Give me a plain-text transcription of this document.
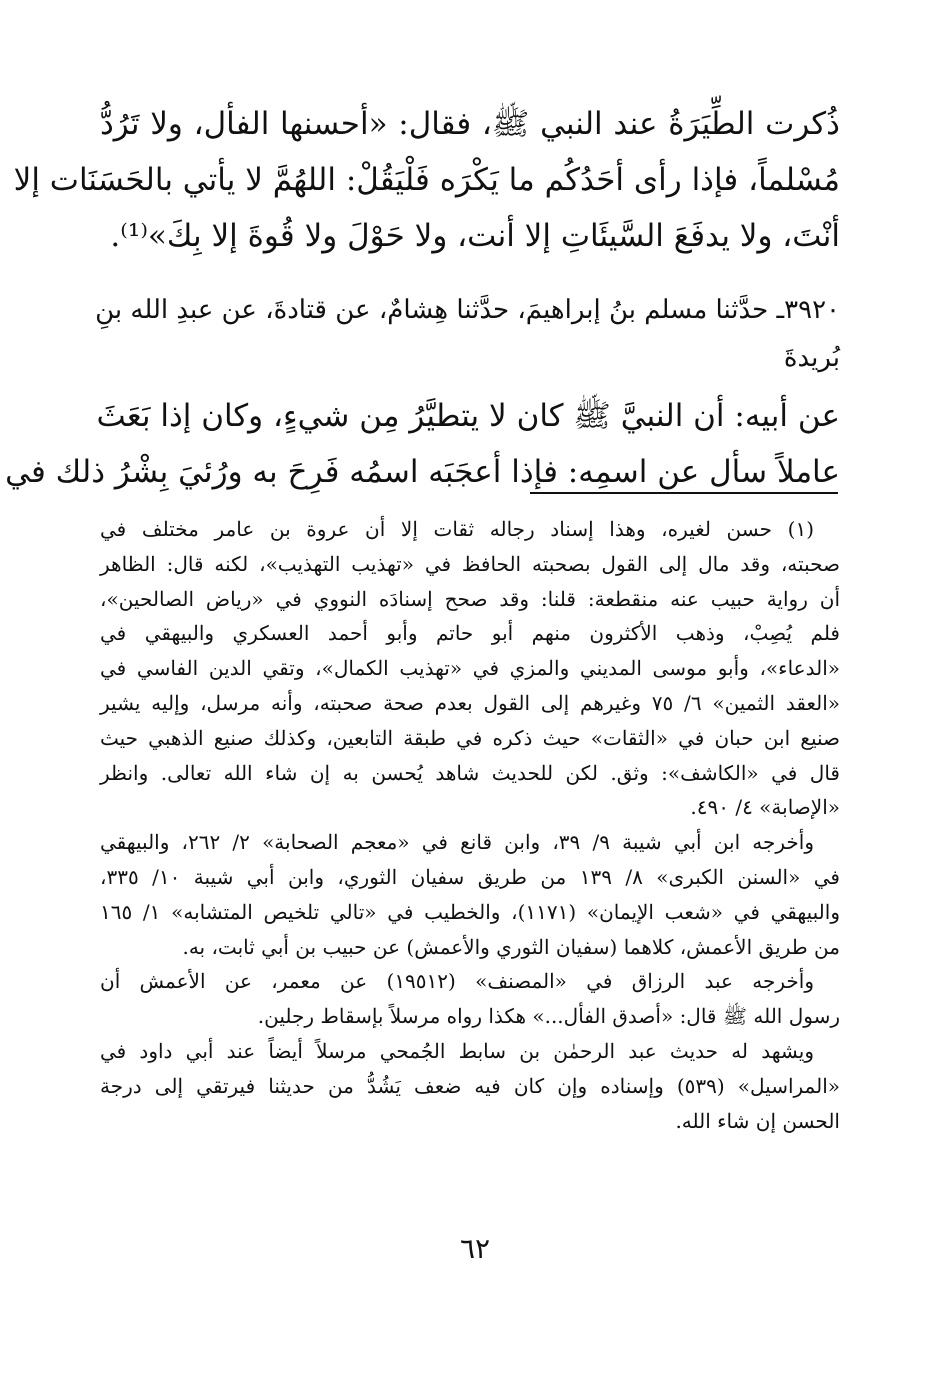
ذُكرت الطِّيَرَةُ عند النبي ﷺ، فقال: «أحسنها الفأل، ولا تَرُدُّ
مُسْلماً، فإذا رأى أحَدُكُم ما يَكْرَه فَلْيَقُلْ: اللهُمَّ لا يأتي بالحَسَنَات إلا
أنْتَ، ولا يدفَعَ السَّيئَاتِ إلا أنت، ولا حَوْلَ ولا قُوةَ إلا بِكَ»⁽¹⁾.
٣٩٢٠ـ حدَّثنا مسلم بنُ إبراهيمَ، حدَّثنا هِشامٌ، عن قتادةَ، عن عبدِ الله بنِ
بُريدةَ
عن أبيه: أن النبيَّ ﷺ كان لا يتطيَّرُ مِن شيءٍ، وكان إذا بَعَثَ
عاملاً سأل عن اسمِه: فإذا أعجَبَه اسمُه فَرِحَ به ورُئيَ بِشْرُ ذلك في
(١) حسن لغيره، وهذا إسناد رجاله ثقات إلا أن عروة بن عامر مختلف في
صحبته، وقد مال إلى القول بصحبته الحافظ في «تهذيب التهذيب»، لكنه قال: الظاهر
أن رواية حبيب عنه منقطعة: قلنا: وقد صحح إسنادَه النووي في «رياض الصالحين»،
فلم يُصِبْ، وذهب الأكثرون منهم أبو حاتم وأبو أحمد العسكري والبيهقي في
«الدعاء»، وأبو موسى المديني والمزي في «تهذيب الكمال»، وتقي الدين الفاسي في
«العقد الثمين» ٦/ ٧٥ وغيرهم إلى القول بعدم صحة صحبته، وأنه مرسل، وإليه يشير
صنيع ابن حبان في «الثقات» حيث ذكره في طبقة التابعين، وكذلك صنيع الذهبي حيث
قال في «الكاشف»: وثق. لكن للحديث شاهد يُحسن به إن شاء الله تعالى. وانظر
«الإصابة» ٤/ ٤٩٠.
وأخرجه ابن أبي شيبة ٩/ ٣٩، وابن قانع في «معجم الصحابة» ٢/ ٢٦٢، والبيهقي
في «السنن الكبرى» ٨/ ١٣٩ من طريق سفيان الثوري، وابن أبي شيبة ١٠/ ٣٣٥،
والبيهقي في «شعب الإيمان» (١١٧١)، والخطيب في «تالي تلخيص المتشابه» ١/ ١٦٥
من طريق الأعمش، كلاهما (سفيان الثوري والأعمش) عن حبيب بن أبي ثابت، به.
وأخرجه عبد الرزاق في «المصنف» (١٩٥١٢) عن معمر، عن الأعمش أن
رسول الله ﷺ قال: «أصدق الفأل...» هكذا رواه مرسلاً بإسقاط رجلين.
ويشهد له حديث عبد الرحمٰن بن سابط الجُمحي مرسلاً أيضاً عند أبي داود في
«المراسيل» (٥٣٩) وإسناده وإن كان فيه ضعف يَشُدُّ من حديثنا فيرتقي إلى درجة
الحسن إن شاء الله.
٦٢
